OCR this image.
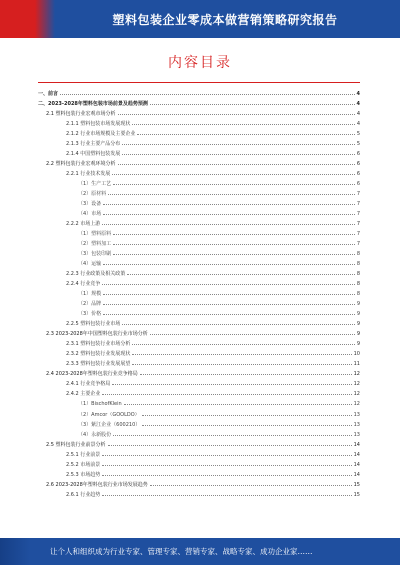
塑料包装企业零成本做营销策略研究报告
内容目录
一、前言	4
二、2023-2028年塑料包装市场前景及趋势预测	4
2.1 塑料包装行业宏观市场分析	4
2.1.1 塑料包装市场发展现状	4
2.1.2 行业市场规模及主要企业	5
2.1.3 行业主要产品分布	5
2.1.4 中国塑料包装发展	6
2.2 塑料包装行业宏观环境分析	6
2.2.1 行业技术发展	6
（1）生产工艺	6
（2）原材料	7
（3）设备	7
（4）市场	7
2.2.2 市场上游	7
（1）塑料原料	7
（2）塑料加工	7
（3）包装印刷	8
（4）运输	8
2.2.3 行业政策及相关政策	8
2.2.4 行业竞争	8
（1）规模	8
（2）品牌	9
（3）价格	9
2.2.5 塑料包装行业市场	9
2.3 2023-2028年中国塑料包装行业市场分析	9
2.3.1 塑料包装行业市场分析	9
2.3.2 塑料包装行业发展现状	10
2.3.3 塑料包装行业发展展望	11
2.4 2023-2028年塑料包装行业竞争格局	12
2.4.1 行业竞争格局	12
2.4.2 主要企业	12
（1）BischofKlein	12
（2）Amcor（GOOLDO）	13
（3）紫江企业（600210）	13
（4）永新股份	13
2.5 塑料包装行业前景分析	14
2.5.1 行业前景	14
2.5.2 市场前景	14
2.5.3 市场趋势	14
2.6 2023-2028年塑料包装行业市场发展趋势	15
2.6.1 行业趋势	15
让个人和组织成为行业专家、管理专家、营销专家、战略专家、成功企业家……
